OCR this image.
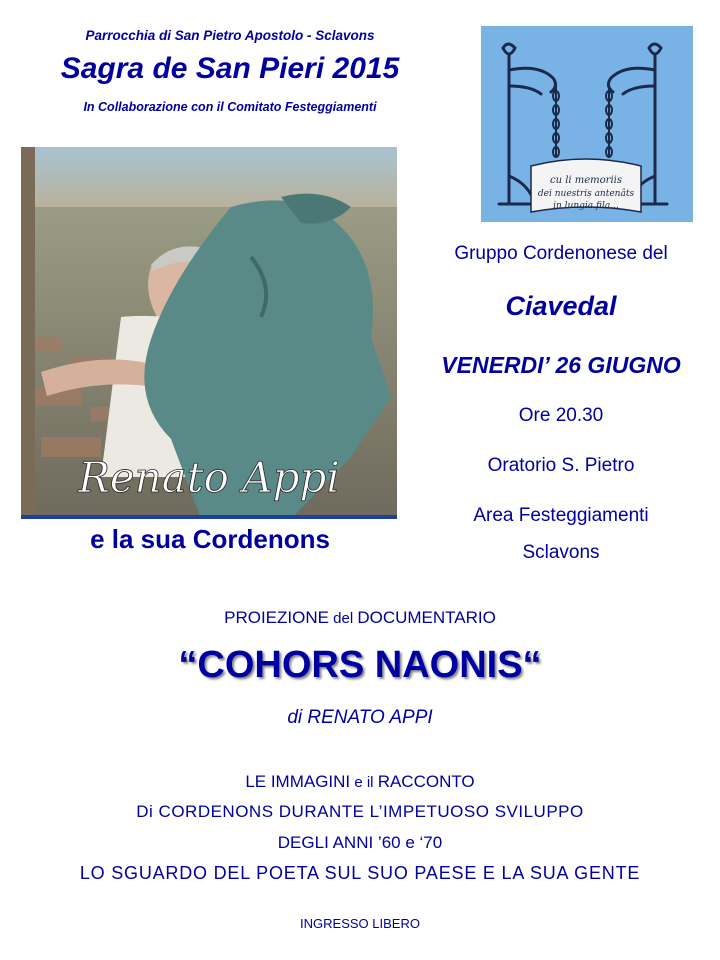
Parrocchia di San Pietro Apostolo - Sclavons
Sagra de San Pieri 2015
In Collaborazione con il Comitato Festeggiamenti
cu li memoriis
dei nuestris antenâts
in lungia fila...
Renato Appi
e la sua Cordenons
Gruppo Cordenonese del
Ciavedal
VENERDI’ 26 GIUGNO
Ore 20.30
Oratorio S. Pietro
Area Festeggiamenti
Sclavons
PROIEZIONE del DOCUMENTARIO
“COHORS NAONIS“
di RENATO APPI
LE IMMAGINI e il RACCONTO
Di CORDENONS DURANTE L’IMPETUOSO SVILUPPO
DEGLI ANNI ’60 e ‘70
LO SGUARDO DEL POETA SUL SUO PAESE E LA SUA GENTE
INGRESSO LIBERO
